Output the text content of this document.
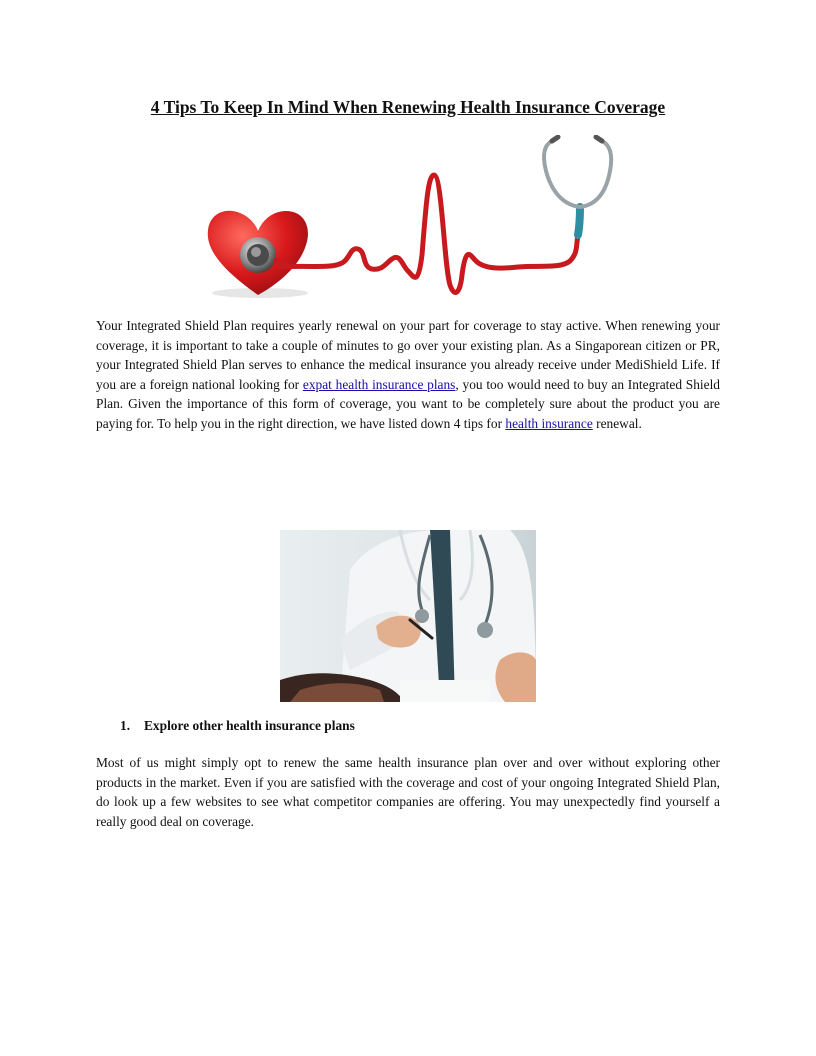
4 Tips To Keep In Mind When Renewing Health Insurance Coverage

Your Integrated Shield Plan requires yearly renewal on your part for coverage to stay active. When renewing your coverage, it is important to take a couple of minutes to go over your existing plan. As a Singaporean citizen or PR, your Integrated Shield Plan serves to enhance the medical insurance you already receive under MediShield Life. If you are a foreign national looking for expat health insurance plans, you too would need to buy an Integrated Shield Plan. Given the importance of this form of coverage, you want to be completely sure about the product you are paying for. To help you in the right direction, we have listed down 4 tips for health insurance renewal.

1. Explore other health insurance plans

Most of us might simply opt to renew the same health insurance plan over and over without exploring other products in the market. Even if you are satisfied with the coverage and cost of your ongoing Integrated Shield Plan, do look up a few websites to see what competitor companies are offering. You may unexpectedly find yourself a really good deal on coverage.
